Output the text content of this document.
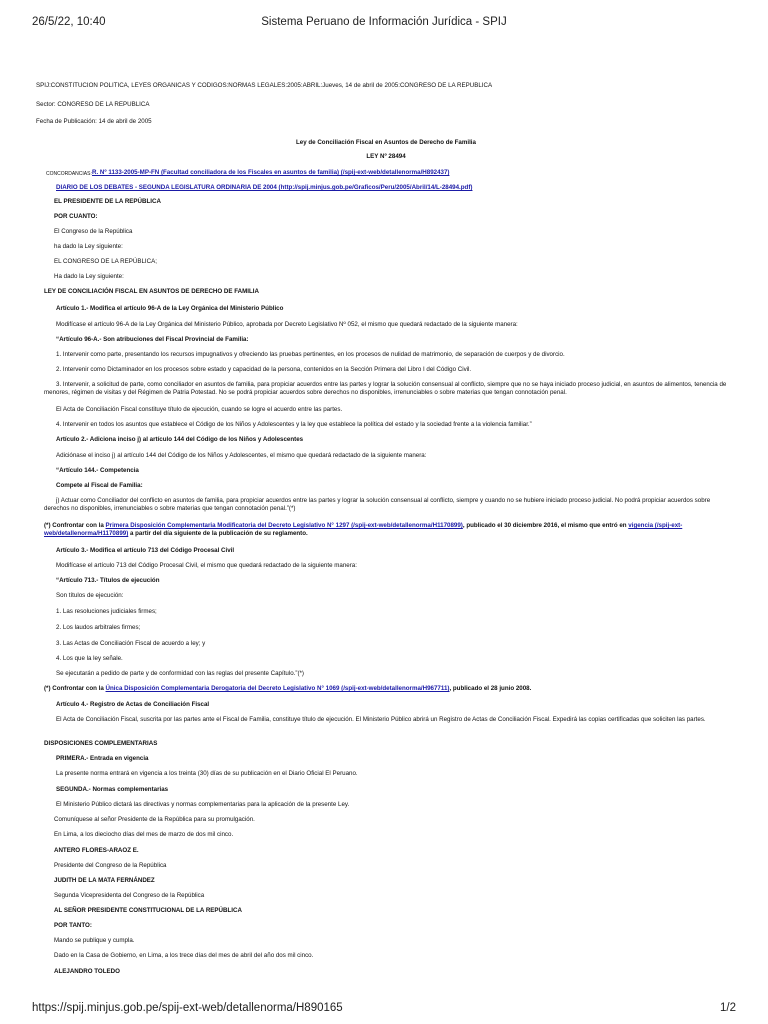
26/5/22, 10:40	Sistema Peruano de Información Jurídica - SPIJ
SPIJ:CONSTITUCION POLITICA, LEYES ORGANICAS Y CODIGOS:NORMAS LEGALES:2005:ABRIL:Jueves, 14 de abril de 2005:CONGRESO DE LA REPUBLICA
Sector: CONGRESO DE LA REPUBLICA
Fecha de Publicación: 14 de abril de 2005
Ley de Conciliación Fiscal en Asuntos de Derecho de Familia
LEY Nº 28494
CONCORDANCIAS: R. Nº 1133-2005-MP-FN (Facultad conciliadora de los Fiscales en asuntos de familia) (/spij-ext-web/detallenorma/H892437)
DIARIO DE LOS DEBATES - SEGUNDA LEGISLATURA ORDINARIA DE 2004 (http://spij.minjus.gob.pe/Graficos/Peru/2005/Abril/14/L-28494.pdf)
EL PRESIDENTE DE LA REPÚBLICA
POR CUANTO:
El Congreso de la República
ha dado la Ley siguiente:
EL CONGRESO DE LA REPÚBLICA;
Ha dado la Ley siguiente:
LEY DE CONCILIACIÓN FISCAL EN ASUNTOS DE DERECHO DE FAMILIA
Artículo 1.- Modifica el artículo 96-A de la Ley Orgánica del Ministerio Público
Modifícase el artículo 96-A de la Ley Orgánica del Ministerio Público, aprobada por Decreto Legislativo Nº 052, el mismo que quedará redactado de la siguiente manera:
“Artículo 96-A.- Son atribuciones del Fiscal Provincial de Familia:
1. Intervenir como parte, presentando los recursos impugnativos y ofreciendo las pruebas pertinentes, en los procesos de nulidad de matrimonio, de separación de cuerpos y de divorcio.
2. Intervenir como Dictaminador en los procesos sobre estado y capacidad de la persona, contenidos en la Sección Primera del Libro I del Código Civil.
3. Intervenir, a solicitud de parte, como conciliador en asuntos de familia, para propiciar acuerdos entre las partes y lograr la solución consensual al conflicto, siempre que no se haya iniciado proceso judicial, en asuntos de alimentos, tenencia de menores, régimen de visitas y del Régimen de Patria Potestad. No se podrá propiciar acuerdos sobre derechos no disponibles, irrenunciables o sobre materias que tengan connotación penal.
El Acta de Conciliación Fiscal constituye título de ejecución, cuando se logre el acuerdo entre las partes.
4. Intervenir en todos los asuntos que establece el Código de los Niños y Adolescentes y la ley que establece la política del estado y la sociedad frente a la violencia familiar.”
Artículo 2.- Adiciona inciso j) al artículo 144 del Código de los Niños y Adolescentes
Adiciónase el inciso j) al artículo 144 del Código de los Niños y Adolescentes, el mismo que quedará redactado de la siguiente manera:
“Artículo 144.- Competencia
Compete al Fiscal de Familia:
j) Actuar como Conciliador del conflicto en asuntos de familia, para propiciar acuerdos entre las partes y lograr la solución consensual al conflicto, siempre y cuando no se hubiere iniciado proceso judicial. No podrá propiciar acuerdos sobre derechos no disponibles, irrenunciables o sobre materias que tengan connotación penal.”(*)
(*) Confrontar con la Primera Disposición Complementaria Modificatoria del Decreto Legislativo N° 1297 (/spij-ext-web/detallenorma/H1170899), publicado el 30 diciembre 2016, el mismo que entró en vigencia (/spij-ext-web/detallenorma/H1170899) a partir del día siguiente de la publicación de su reglamento.
Artículo 3.- Modifica el artículo 713 del Código Procesal Civil
Modifícase el artículo 713 del Código Procesal Civil, el mismo que quedará redactado de la siguiente manera:
“Artículo 713.- Títulos de ejecución
Son títulos de ejecución:
1. Las resoluciones judiciales firmes;
2. Los laudos arbitrales firmes;
3. Las Actas de Conciliación Fiscal de acuerdo a ley; y
4. Los que la ley señale.
Se ejecutarán a pedido de parte y de conformidad con las reglas del presente Capítulo.”(*)
(*) Confrontar con la Única Disposición Complementaria Derogatoria del Decreto Legislativo N° 1069 (/spij-ext-web/detallenorma/H967711), publicado el 28 junio 2008.
Artículo 4.- Registro de Actas de Conciliación Fiscal
El Acta de Conciliación Fiscal, suscrita por las partes ante el Fiscal de Familia, constituye título de ejecución. El Ministerio Público abrirá un Registro de Actas de Conciliación Fiscal. Expedirá las copias certificadas que soliciten las partes.
DISPOSICIONES COMPLEMENTARIAS
PRIMERA.- Entrada en vigencia
La presente norma entrará en vigencia a los treinta (30) días de su publicación en el Diario Oficial El Peruano.
SEGUNDA.- Normas complementarias
El Ministerio Público dictará las directivas y normas complementarias para la aplicación de la presente Ley.
Comuníquese al señor Presidente de la República para su promulgación.
En Lima, a los dieciocho días del mes de marzo de dos mil cinco.
ANTERO FLORES-ARAOZ E.
Presidente del Congreso de la República
JUDITH DE LA MATA FERNÁNDEZ
Segunda Vicepresidenta del Congreso de la República
AL SEÑOR PRESIDENTE CONSTITUCIONAL DE LA REPÚBLICA
POR TANTO:
Mando se publique y cumpla.
Dado en la Casa de Gobierno, en Lima, a los trece días del mes de abril del año dos mil cinco.
ALEJANDRO TOLEDO
https://spij.minjus.gob.pe/spij-ext-web/detallenorma/H890165	1/2
